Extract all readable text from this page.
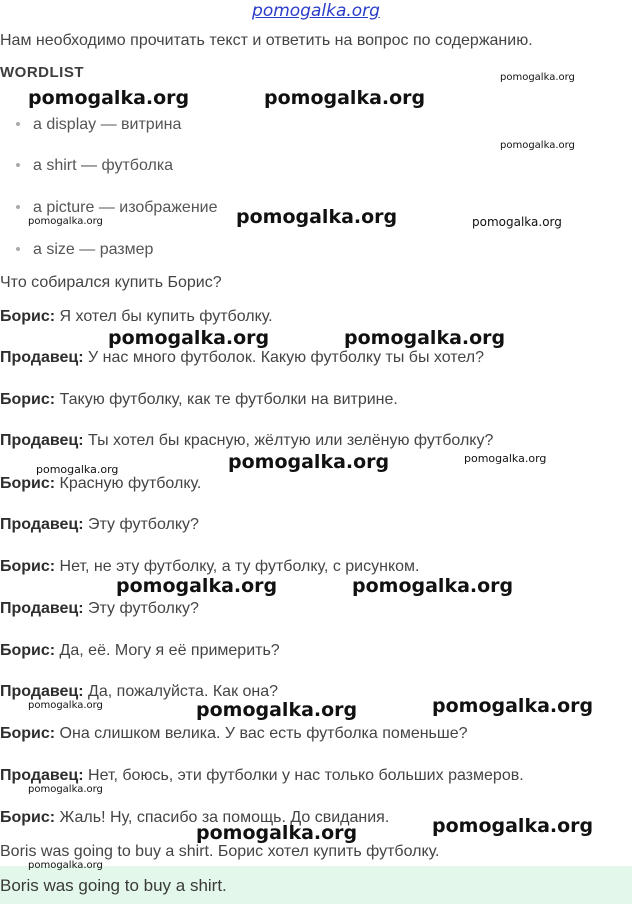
pomogalka.org
Нам необходимо прочитать текст и ответить на вопрос по содержанию.
WORDLIST
a display — витрина
a shirt — футболка
a picture — изображение
a size — размер
Что собирался купить Борис?
Борис: Я хотел бы купить футболку.
Продавец: У нас много футболок. Какую футболку ты бы хотел?
Борис: Такую футболку, как те футболки на витрине.
Продавец: Ты хотел бы красную, жёлтую или зелёную футболку?
Борис: Красную футболку.
Продавец: Эту футболку?
Борис: Нет, не эту футболку, а ту футболку, с рисунком.
Продавец: Эту футболку?
Борис: Да, её. Могу я её примерить?
Продавец: Да, пожалуйста. Как она?
Борис: Она слишком велика. У вас есть футболка поменьше?
Продавец: Нет, боюсь, эти футболки у нас только больших размеров.
Борис: Жаль! Ну, спасибо за помощь. До свидания.
Boris was going to buy a shirt. Борис хотел купить футболку.
Boris was going to buy a shirt.
pomogalka.org	pomogalka.org
pomogalka.org
pomogalka.org
pomogalka.org	pomogalka.org	pomogalka.org
pomogalka.org	pomogalka.org
pomogalka.org	pomogalka.org	pomogalka.org
pomogalka.org	pomogalka.org
pomogalka.org	pomogalka.org	pomogalka.org
pomogalka.org
pomogalka.org	pomogalka.org
pomogalka.org
